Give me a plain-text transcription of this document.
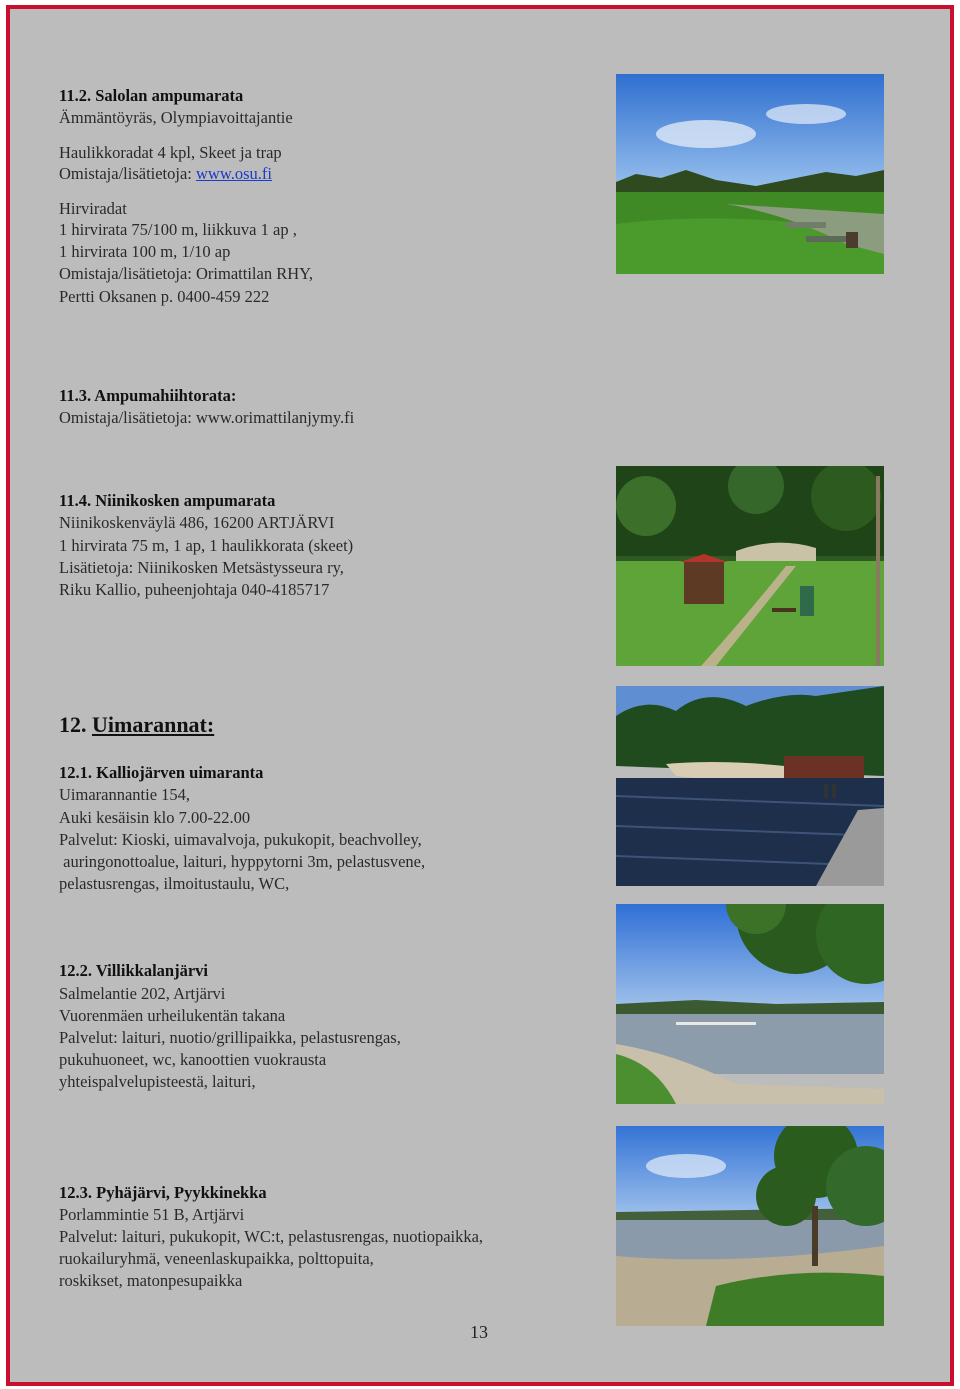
11.2. Salolan ampumarata
Ämmäntöyräs, Olympiavoittajantie
Haulikkoradat 4 kpl, Skeet ja trap
Omistaja/lisätietoja: www.osu.fi
Hirviradat
1 hirvirata 75/100 m, liikkuva 1 ap ,
1 hirvirata 100 m, 1/10 ap
Omistaja/lisätietoja: Orimattilan RHY,
Pertti Oksanen p. 0400-459 222
11.3. Ampumahiihtorata:
Omistaja/lisätietoja: www.orimattilanjymy.fi
11.4. Niinikosken ampumarata
Niinikoskenväylä 486, 16200 ARTJÄRVI
1 hirvirata 75 m, 1 ap, 1 haulikkorata (skeet)
Lisätietoja: Niinikosken Metsästysseura ry,
Riku Kallio, puheenjohtaja 040-4185717
12. Uimarannat:
12.1. Kalliojärven uimaranta
Uimarannantie 154,
Auki kesäisin klo 7.00-22.00
Palvelut: Kioski, uimavalvoja, pukukopit, beachvolley,
auringonottoalue, laituri, hyppytorni 3m, pelastusvene,
pelastusrengas, ilmoitustaulu, WC,
12.2. Villikkalanjärvi
Salmelantie 202, Artjärvi
Vuorenmäen urheilukentän takana
Palvelut: laituri, nuotio/grillipaikka, pelastusrengas,
pukuhuoneet, wc, kanoottien vuokrausta
yhteispalvelupisteestä, laituri,
12.3. Pyhäjärvi, Pyykkinekka
Porlammintie 51 B, Artjärvi
Palvelut: laituri, pukukopit, WC:t, pelastusrengas, nuotiopaikka,
ruokailuryhmä, veneenlaskupaikka, polttopuita,
roskikset, matonpesupaikka
13
